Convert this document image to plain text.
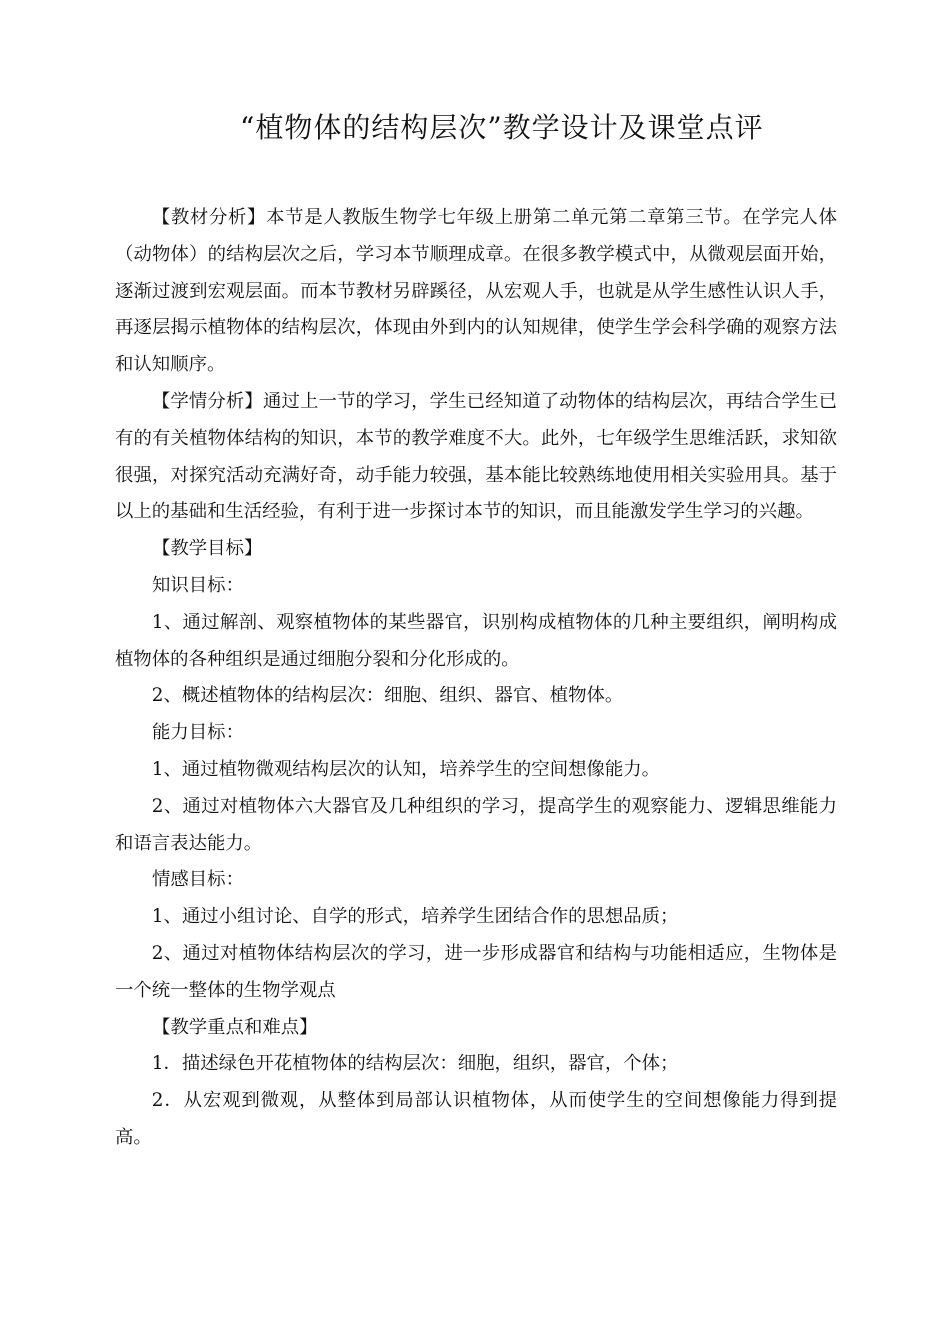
“植物体的结构层次”教学设计及课堂点评

【教材分析】本节是人教版生物学七年级上册第二单元第二章第三节。在学完人体（动物体）的结构层次之后，学习本节顺理成章。在很多教学模式中，从微观层面开始，逐渐过渡到宏观层面。而本节教材另辟蹊径，从宏观人手，也就是从学生感性认识人手，再逐层揭示植物体的结构层次，体现由外到内的认知规律，使学生学会科学确的观察方法和认知顺序。

【学情分析】通过上一节的学习，学生已经知道了动物体的结构层次，再结合学生已有的有关植物体结构的知识，本节的教学难度不大。此外，七年级学生思维活跃，求知欲很强，对探究活动充满好奇，动手能力较强，基本能比较熟练地使用相关实验用具。基于以上的基础和生活经验，有利于进一步探讨本节的知识，而且能激发学生学习的兴趣。

【教学目标】

知识目标：

1、通过解剖、观察植物体的某些器官，识别构成植物体的几种主要组织，阐明构成植物体的各种组织是通过细胞分裂和分化形成的。

2、概述植物体的结构层次：细胞、组织、器官、植物体。

能力目标：

1、通过植物微观结构层次的认知，培养学生的空间想像能力。

2、通过对植物体六大器官及几种组织的学习，提高学生的观察能力、逻辑思维能力和语言表达能力。

情感目标：

1、通过小组讨论、自学的形式，培养学生团结合作的思想品质；

2、通过对植物体结构层次的学习，进一步形成器官和结构与功能相适应，生物体是一个统一整体的生物学观点

【教学重点和难点】

1．描述绿色开花植物体的结构层次：细胞，组织，器官，个体；

2．从宏观到微观，从整体到局部认识植物体，从而使学生的空间想像能力得到提高。
